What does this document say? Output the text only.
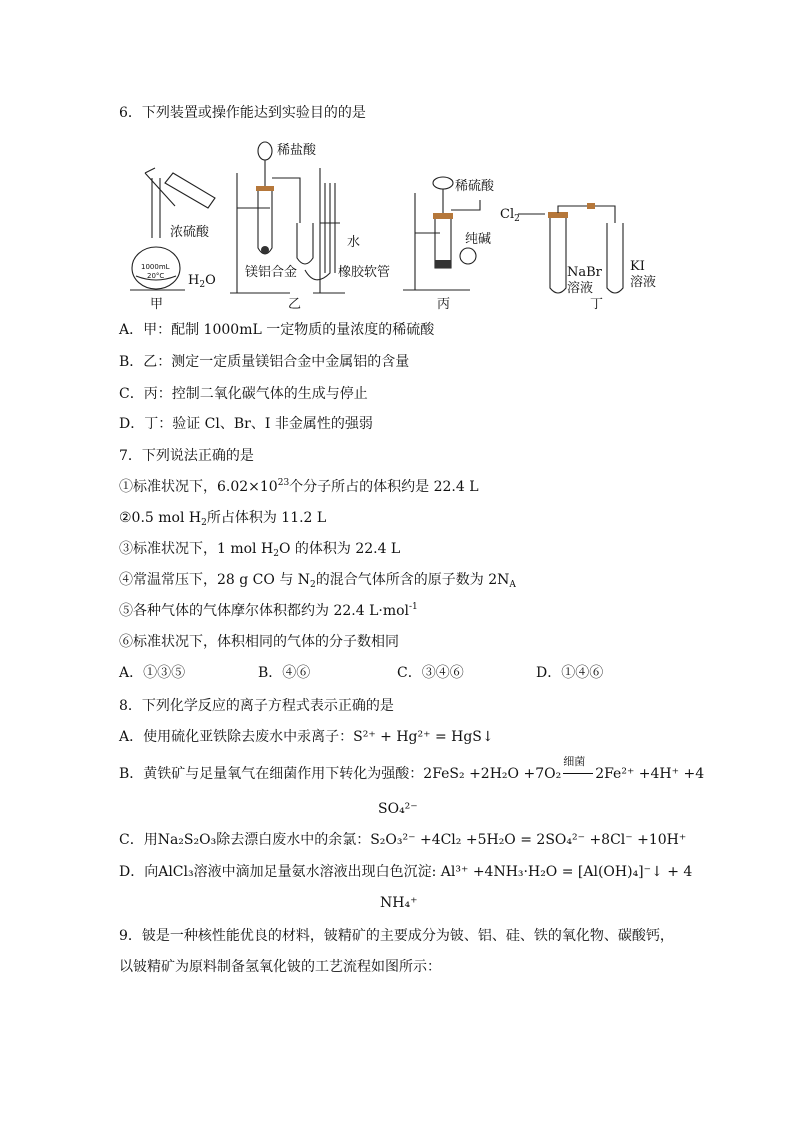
6．下列装置或操作能达到实验目的的是
1000mL
20°C
浓硫酸
$H_2O$
甲
稀盐酸
镁铝合金
水
橡胶软管
乙
稀硫酸
纯碱
丙
$Cl_2$
NaBr
溶液
KI
溶液
丁
A．甲：配制 1000mL 一定物质的量浓度的稀硫酸
B．乙：测定一定质量镁铝合金中金属铝的含量
C．丙：控制二氧化碳气体的生成与停止
D．丁：验证 Cl、Br、I 非金属性的强弱
7．下列说法正确的是
①标准状况下，$6.02\times 10^{23}$个分子所占的体积约是 22.4 L
②0.5 mol $H_2$所占体积为 11.2 L
③标准状况下，1 mol $H_2O$ 的体积为 22.4 L
④常温常压下，28 g CO 与 $N_2$的混合气体所含的原子数为 $2N_A$
⑤各种气体的气体摩尔体积都约为 22.4 L·mol$^{-1}$
⑥标准状况下，体积相同的气体的分子数相同
A．①③⑤	B．④⑥	C．③④⑥	D．①④⑥
8．下列化学反应的离子方程式表示正确的是
A．使用硫化亚铁除去废水中汞离子：S²⁺ + Hg²⁺ = HgS↓
B．黄铁矿与足量氧气在细菌作用下转化为强酸：2FeS₂ +2H₂O +7O₂
细菌
2Fe²⁺ +4H⁺ +4
SO₄²⁻
C．用Na₂S₂O₃除去漂白废水中的余氯：S₂O₃²⁻ +4Cl₂ +5H₂O = 2SO₄²⁻ +8Cl⁻ +10H⁺
D．向AlCl₃溶液中滴加足量氨水溶液出现白色沉淀: Al³⁺ +4NH₃·H₂O = [Al(OH)₄]⁻↓ + 4
NH₄⁺
9．铍是一种核性能优良的材料，铍精矿的主要成分为铍、铝、硅、铁的氧化物、碳酸钙，
以铍精矿为原料制备氢氧化铍的工艺流程如图所示：
